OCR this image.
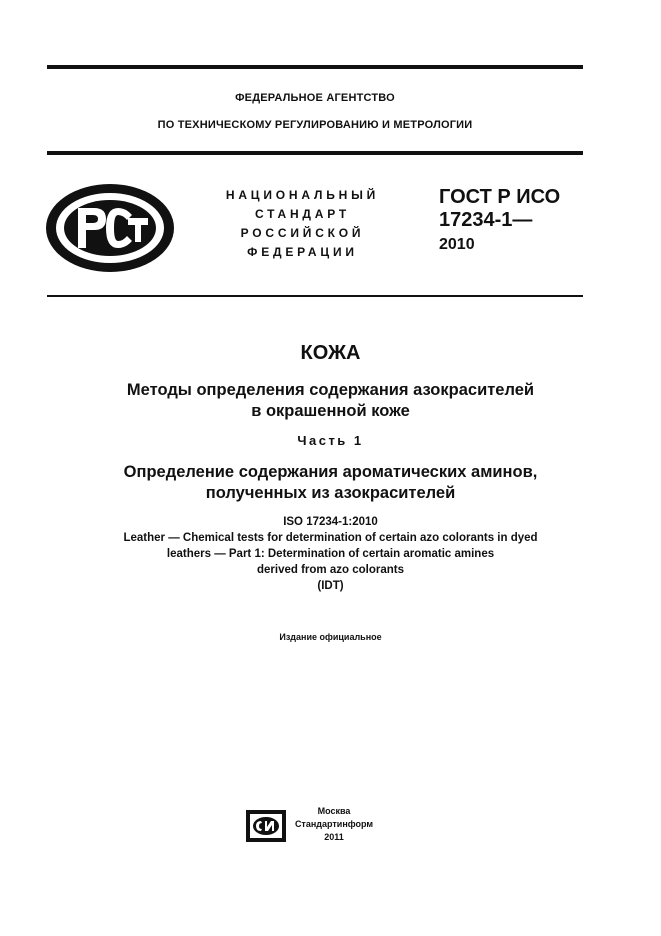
ФЕДЕРАЛЬНОЕ АГЕНТСТВО
ПО ТЕХНИЧЕСКОМУ РЕГУЛИРОВАНИЮ И МЕТРОЛОГИИ
НАЦИОНАЛЬНЫЙ
СТАНДАРТ
РОССИЙСКОЙ
ФЕДЕРАЦИИ
ГОСТ Р ИСО
17234-1—
2010
КОЖА
Методы определения содержания азокрасителей
в окрашенной коже
Часть 1
Определение содержания ароматических аминов,
полученных из азокрасителей
ISO 17234-1:2010
Leather — Chemical tests for determination of certain azo colorants in dyed
leathers — Part 1: Determination of certain aromatic amines
derived from azo colorants
(IDT)
Издание официальное
Москва
Стандартинформ
2011
